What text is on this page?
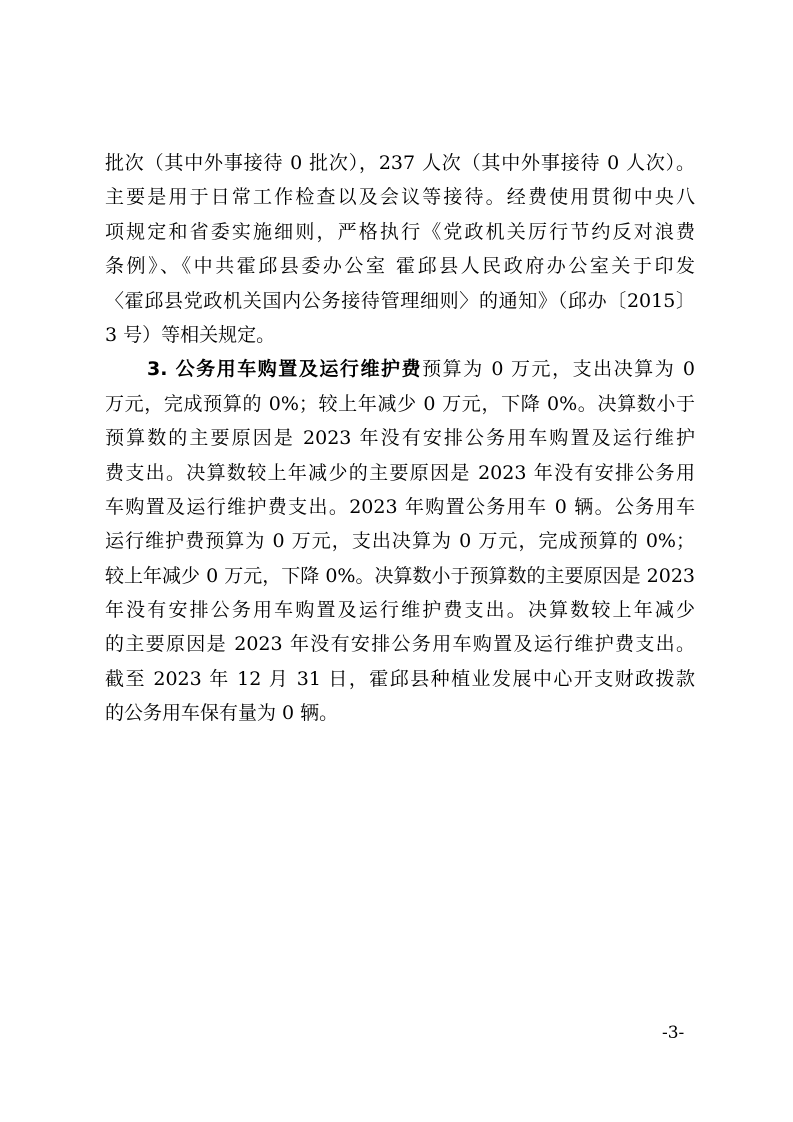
批次（其中外事接待 0 批次），237 人次（其中外事接待 0 人次）。
主要是用于日常工作检查以及会议等接待。经费使用贯彻中央八
项规定和省委实施细则，严格执行《党政机关厉行节约反对浪费
条例》、《中共霍邱县委办公室 霍邱县人民政府办公室关于印发
〈霍邱县党政机关国内公务接待管理细则〉的通知》（邱办〔2015〕
3 号）等相关规定。
3. 公务用车购置及运行维护费预算为 0 万元，支出决算为 0
万元，完成预算的 0%；较上年减少 0 万元，下降 0%。决算数小于
预算数的主要原因是 2023 年没有安排公务用车购置及运行维护
费支出。决算数较上年减少的主要原因是 2023 年没有安排公务用
车购置及运行维护费支出。2023 年购置公务用车 0 辆。公务用车
运行维护费预算为 0 万元，支出决算为 0 万元，完成预算的 0%；
较上年减少 0 万元，下降 0%。决算数小于预算数的主要原因是 2023
年没有安排公务用车购置及运行维护费支出。决算数较上年减少
的主要原因是 2023 年没有安排公务用车购置及运行维护费支出。
截至 2023 年 12 月 31 日，霍邱县种植业发展中心开支财政拨款
的公务用车保有量为 0 辆。
-3-
